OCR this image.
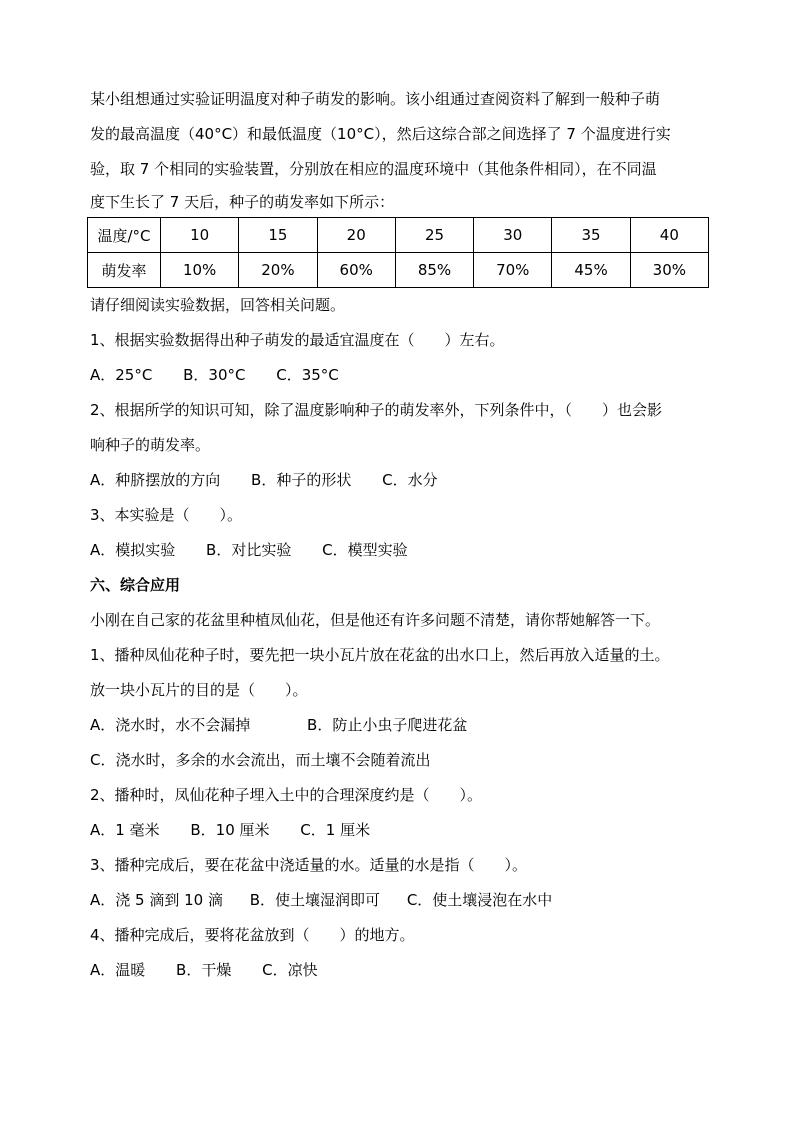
某小组想通过实验证明温度对种子萌发的影响。该小组通过查阅资料了解到一般种子萌
发的最高温度（40°C）和最低温度（10°C），然后这综合部之间选择了 7 个温度进行实
验，取 7 个相同的实验装置，分别放在相应的温度环境中（其他条件相同），在不同温
度下生长了 7 天后，种子的萌发率如下所示：
温度/°C	10	15	20	25	30	35	40
萌发率	10%	20%	60%	85%	70%	45%	30%
请仔细阅读实验数据，回答相关问题。
1、根据实验数据得出种子萌发的最适宜温度在（　　）左右。
A．25°C B．30°C C．35°C
2、根据所学的知识可知，除了温度影响种子的萌发率外，下列条件中，（　　）也会影
响种子的萌发率。
A．种脐摆放的方向 B．种子的形状 C．水分
3、本实验是（　　）。
A．模拟实验 B．对比实验 C．模型实验
六、综合应用
小刚在自己家的花盆里种植凤仙花，但是他还有许多问题不清楚，请你帮她解答一下。
1、播种凤仙花种子时，要先把一块小瓦片放在花盆的出水口上，然后再放入适量的土。
放一块小瓦片的目的是（　　）。
A．浇水时，水不会漏掉	B．防止小虫子爬进花盆
C．浇水时，多余的水会流出，而土壤不会随着流出
2、播种时，凤仙花种子埋入土中的合理深度约是（　　）。
A．1 毫米 B．10 厘米 C．1 厘米
3、播种完成后，要在花盆中浇适量的水。适量的水是指（　　）。
A．浇 5 滴到 10 滴 B．使土壤湿润即可 C．使土壤浸泡在水中
4、播种完成后，要将花盆放到（　　）的地方。
A．温暖 B．干燥 C．凉快
